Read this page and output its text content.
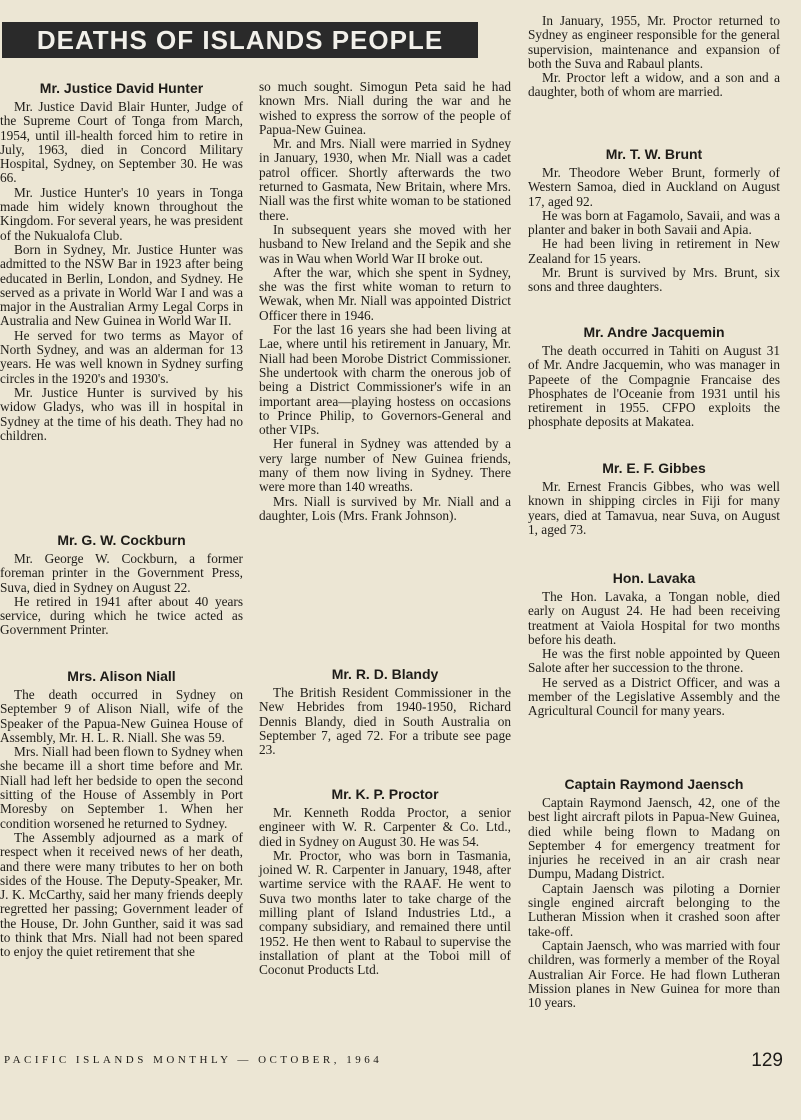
DEATHS OF ISLANDS PEOPLE
Mr. Justice David Hunter

Mr. Justice David Blair Hunter, Judge of the Supreme Court of Tonga from March, 1954, until ill-health forced him to retire in July, 1963, died in Concord Military Hospital, Sydney, on September 30. He was 66.

Mr. Justice Hunter's 10 years in Tonga made him widely known throughout the Kingdom. For several years, he was president of the Nukualofa Club.

Born in Sydney, Mr. Justice Hunter was admitted to the NSW Bar in 1923 after being educated in Berlin, London, and Sydney. He served as a private in World War I and was a major in the Australian Army Legal Corps in Australia and New Guinea in World War II.

He served for two terms as Mayor of North Sydney, and was an alderman for 13 years. He was well known in Sydney surfing circles in the 1920's and 1930's.

Mr. Justice Hunter is survived by his widow Gladys, who was ill in hospital in Sydney at the time of his death. They had no children.

Mr. G. W. Cockburn

Mr. George W. Cockburn, a former foreman printer in the Government Press, Suva, died in Sydney on August 22.

He retired in 1941 after about 40 years service, during which he twice acted as Government Printer.

Mrs. Alison Niall

The death occurred in Sydney on September 9 of Alison Niall, wife of the Speaker of the Papua-New Guinea House of Assembly, Mr. H. L. R. Niall. She was 59.

Mrs. Niall had been flown to Sydney when she became ill a short time before and Mr. Niall had left her bedside to open the second sitting of the House of Assembly in Port Moresby on September 1. When her condition worsened he returned to Sydney.

The Assembly adjourned as a mark of respect when it received news of her death, and there were many tributes to her on both sides of the House. The Deputy-Speaker, Mr. J. K. McCarthy, said her many friends deeply regretted her passing; Government leader of the House, Dr. John Gunther, said it was sad to think that Mrs. Niall had not been spared to enjoy the quiet retirement that she

so much sought. Simogun Peta said he had known Mrs. Niall during the war and he wished to express the sorrow of the people of Papua-New Guinea.

Mr. and Mrs. Niall were married in Sydney in January, 1930, when Mr. Niall was a cadet patrol officer. Shortly afterwards the two returned to Gasmata, New Britain, where Mrs. Niall was the first white woman to be stationed there.

In subsequent years she moved with her husband to New Ireland and the Sepik and she was in Wau when World War II broke out.

After the war, which she spent in Sydney, she was the first white woman to return to Wewak, when Mr. Niall was appointed District Officer there in 1946.

For the last 16 years she had been living at Lae, where until his retirement in January, Mr. Niall had been Morobe District Commissioner. She undertook with charm the onerous job of being a District Commissioner's wife in an important area—playing hostess on occasions to Prince Philip, to Governors-General and other VIPs.

Her funeral in Sydney was attended by a very large number of New Guinea friends, many of them now living in Sydney. There were more than 140 wreaths.

Mrs. Niall is survived by Mr. Niall and a daughter, Lois (Mrs. Frank Johnson).

Mr. R. D. Blandy

The British Resident Commissioner in the New Hebrides from 1940-1950, Richard Dennis Blandy, died in South Australia on September 7, aged 72. For a tribute see page 23.

Mr. K. P. Proctor

Mr. Kenneth Rodda Proctor, a senior engineer with W. R. Carpenter & Co. Ltd., died in Sydney on August 30. He was 54.

Mr. Proctor, who was born in Tasmania, joined W. R. Carpenter in January, 1948, after wartime service with the RAAF. He went to Suva two months later to take charge of the milling plant of Island Industries Ltd., a company subsidiary, and remained there until 1952. He then went to Rabaul to supervise the installation of plant at the Toboi mill of Coconut Products Ltd.

In January, 1955, Mr. Proctor returned to Sydney as engineer responsible for the general supervision, maintenance and expansion of both the Suva and Rabaul plants.

Mr. Proctor left a widow, and a son and a daughter, both of whom are married.

Mr. T. W. Brunt

Mr. Theodore Weber Brunt, formerly of Western Samoa, died in Auckland on August 17, aged 92.

He was born at Fagamolo, Savaii, and was a planter and baker in both Savaii and Apia.

He had been living in retirement in New Zealand for 15 years.

Mr. Brunt is survived by Mrs. Brunt, six sons and three daughters.

Mr. Andre Jacquemin

The death occurred in Tahiti on August 31 of Mr. Andre Jacquemin, who was manager in Papeete of the Compagnie Francaise des Phosphates de l'Oceanie from 1931 until his retirement in 1955. CFPO exploits the phosphate deposits at Makatea.

Mr. E. F. Gibbes

Mr. Ernest Francis Gibbes, who was well known in shipping circles in Fiji for many years, died at Tamavua, near Suva, on August 1, aged 73.

Hon. Lavaka

The Hon. Lavaka, a Tongan noble, died early on August 24. He had been receiving treatment at Vaiola Hospital for two months before his death.

He was the first noble appointed by Queen Salote after her succession to the throne.

He served as a District Officer, and was a member of the Legislative Assembly and the Agricultural Council for many years.

Captain Raymond Jaensch

Captain Raymond Jaensch, 42, one of the best light aircraft pilots in Papua-New Guinea, died while being flown to Madang on September 4 for emergency treatment for injuries he received in an air crash near Dumpu, Madang District.

Captain Jaensch was piloting a Dornier single engined aircraft belonging to the Lutheran Mission when it crashed soon after take-off.

Captain Jaensch, who was married with four children, was formerly a member of the Royal Australian Air Force. He had flown Lutheran Mission planes in New Guinea for more than 10 years.

PACIFIC ISLANDS MONTHLY — OCTOBER, 1964	129
